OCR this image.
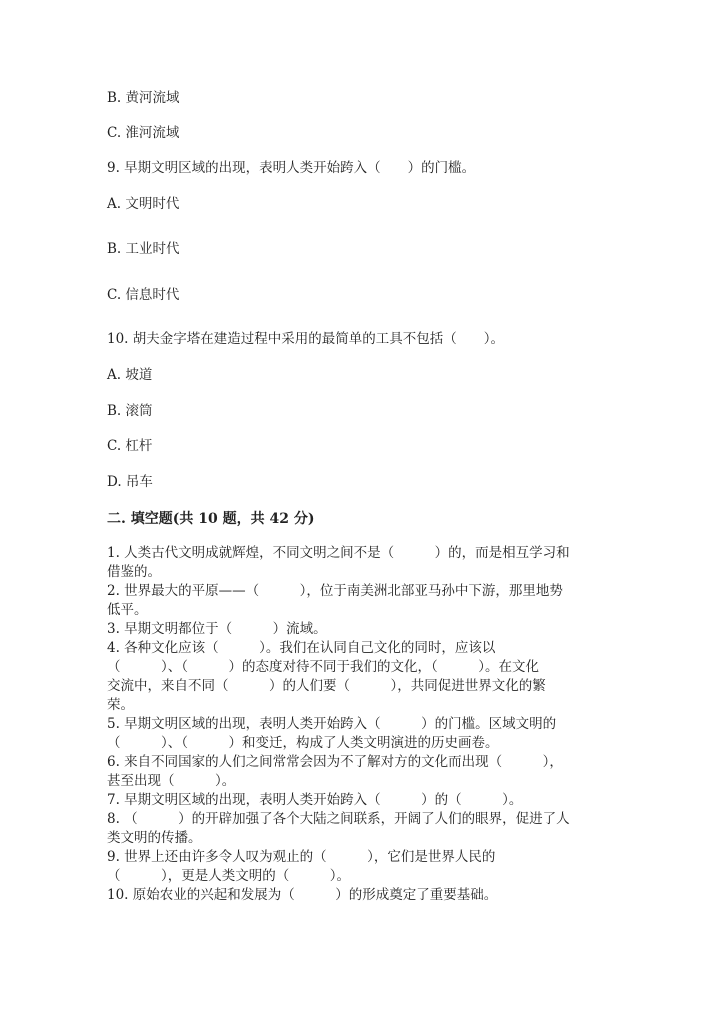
B. 黄河流域
C. 淮河流域
9. 早期文明区域的出现，表明人类开始跨入（　　）的门槛。
A. 文明时代
B. 工业时代
C. 信息时代
10. 胡夫金字塔在建造过程中采用的最简单的工具不包括（　　）。
A. 坡道
B. 滚筒
C. 杠杆
D. 吊车
二. 填空题(共 10 题，共 42 分)
1. 人类古代文明成就辉煌，不同文明之间不是（　　　）的，而是相互学习和
借鉴的。
2. 世界最大的平原——（　　　），位于南美洲北部亚马孙中下游，那里地势
低平。
3. 早期文明都位于（　　　）流域。
4. 各种文化应该（　　　）。我们在认同自己文化的同时，应该以
（　　　）、（　　　）的态度对待不同于我们的文化，（　　　）。在文化
交流中，来自不同（　　　）的人们要（　　　），共同促进世界文化的繁
荣。
5. 早期文明区域的出现，表明人类开始跨入（　　　）的门槛。区域文明的
（　　　）、（　　　）和变迁，构成了人类文明演进的历史画卷。
6. 来自不同国家的人们之间常常会因为不了解对方的文化而出现（　　　），
甚至出现（　　　）。
7. 早期文明区域的出现，表明人类开始跨入（　　　）的（　　　）。
8. （　　　）的开辟加强了各个大陆之间联系，开阔了人们的眼界，促进了人
类文明的传播。
9. 世界上还由许多令人叹为观止的（　　　），它们是世界人民的
（　　　），更是人类文明的（　　　）。
10. 原始农业的兴起和发展为（　　　）的形成奠定了重要基础。
